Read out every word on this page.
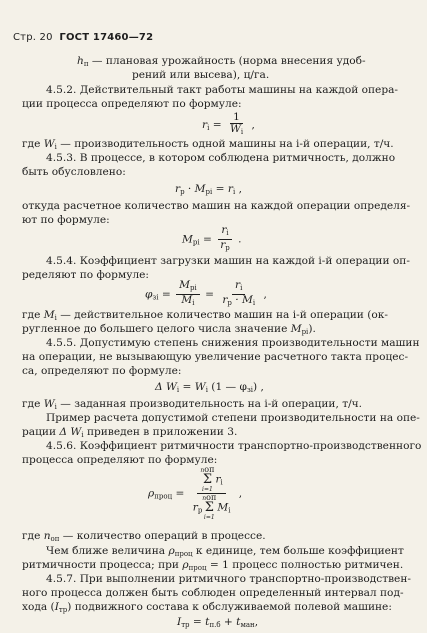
Стр. 20 ГОСТ 17460—72
$h_п$ — плановая урожайность (норма внесения удоб-
рений или высева), ц/га.
4.5.2. Действительный такт работы машины на каждой опера-
ции процесса определяют по формуле:
$r_i = \frac{1}{W_i}$ ,
где $W_i$ — производительность одной машины на i-й операции, т/ч.
4.5.3. В процессе, в котором соблюдена ритмичность, должно
быть обусловлено:
$r_р \cdot M_{pi} = r_i$ ,
откуда расчетное количество машин на каждой операции определя-
ют по формуле:
$M_{pi} = \frac{r_i}{r_р}$ .
4.5.4. Коэффициент загрузки машин на каждой i-й операции оп-
ределяют по формуле:
$\varphi_{зi} = \frac{M_{pi}}{M_i} = \frac{r_i}{r_р \cdot M_i}$ ,
где $M_i$ — действительное количество машин на i-й операции (ок-
ругленное до большего целого числа значение $M_{pi}$).
4.5.5. Допустимую степень снижения производительности машин
на операции, не вызывающую увеличение расчетного такта процес-
са, определяют по формуле:
Δ $W_i = W_i$ (1 — $\varphi_{зi}$) ,
где $W_i$ — заданная производительность на i-й операции, т/ч.
Пример расчета допустимой степени производительности на опе-
рации Δ $W_i$ приведен в приложении 3.
4.5.6. Коэффициент ритмичности транспортно-производственного
процесса определяют по формуле:
$\rho_{проц}$ = nоп
Σ
i=1
$r_i$
$r_р$
nоп
Σ
i=1
$M_i$ ,
где $n_{оп}$ — количество операций в процессе.
Чем ближе величина $\rho_{проц}$ к единице, тем больше коэффициент
ритмичности процесса; при $\rho_{проц} = 1$ процесс полностью ритмичен.
4.5.7. При выполнении ритмичного транспортно-производствен-
ного процесса должен быть соблюден определенный интервал под-
хода $(I_{тр})$ подвижного состава к обслуживаемой полевой машине:
$I_{тр} = t_{п.б} + t_{ман}$,
